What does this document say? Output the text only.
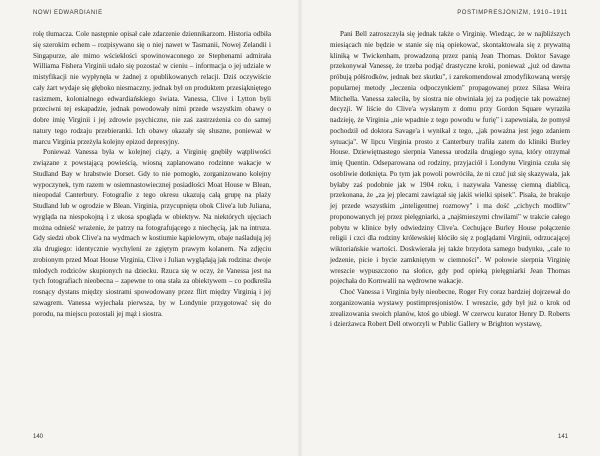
NOWI EDWARDIANIE

rolę tłumacza. Cole następnie opisał całe zdarzenie dziennikarzom. Historia odbiła się szerokim echem – rozpisywano się o niej nawet w Tasmanii, Nowej Zelandii i Singapurze, ale mimo wściekłości spowinowaconego ze Stephenami admirała Williama Fishera Virginii udało się pozostać w cieniu – informacja o jej udziale w mistyfikacji nie wypłynęła w żadnej z opublikowanych relacji. Dziś oczywiście cały żart wydaje się głęboko niesmaczny, jednak był on produktem przesiąkniętego rasizmem, kolonialnego edwardiańskiego świata. Vanessa, Clive i Lytton byli przeciwni tej eskapadzie, jednak powodowały nimi przede wszystkim obawy o dobre imię Virginii i jej zdrowie psychiczne, nie zaś zastrzeżenia co do samej natury tego rodzaju przebieranki. Ich obawy okazały się słuszne, ponieważ w marcu Virginia przeżyła kolejny epizod depresyjny.

Ponieważ Vanessa była w kolejnej ciąży, a Virginię gnębiły wątpliwości związane z powstającą powieścią, wiosną zaplanowano rodzinne wakacje w Studland Bay w hrabstwie Dorset. Gdy to nie pomogło, zorganizowano kolejny wypoczynek, tym razem w osiemnastowiecznej posiadłości Moat House w Blean, nieopodal Canterbury. Fotografie z tego okresu ukazują całą grupę na plaży Studland lub w ogrodzie w Blean. Virginia, przycupnięta obok Clive'a lub Juliana, wygląda na niespokojną i z ukosa spogląda w obiektyw. Na niektórych ujęciach można odnieść wrażenie, że patrzy na fotografującego z niechęcią, jak na intruza. Gdy siedzi obok Clive'a na wydmach w kostiumie kąpielowym, obaje naśladują jej zła drugiego: identycznie wychyleni ze zgiętym prawym kolanem. Na zdjęciu zrobionym przed Moat House Virginia, Clive i Julian wyglądają jak rodzina: dwoje młodych rodziców skupionych na dziecku. Rzuca się w oczy, że Vanessa jest na tych fotografiach nieobecna – zapewne to ona stała za obiektywem – co podkreśla rosnący dystans między siostrami spowodowany przez flirt między Virginią i jej szwagrem. Vanessa wyjechała pierwsza, by w Londynie przygotować się do porodu, na miejscu pozostali jej mąż i siostra.

140
POSTIMPRESJONIZM, 1910–1911

Pani Bell zatroszczyła się jednak także o Virginię. Wiedząc, że w najbliższych miesiącach nie będzie w stanie się nią opiekować, skontaktowała się z prywatną kliniką w Twickenham, prowadzoną przez panią Jean Thomas. Doktor Savage przekonywał Vanessę, że trzeba podjąć drastyczne kroki, ponieważ „już od dawna próbują półśrodków, jednak bez skutku", i zarekomendował zmodyfikowaną wersję popularnej metody „leczenia odpoczynkiem" propagowanej przez Silasa Weira Mitchella. Vanessa zaleciła, by siostra nie obwiniała jej za podjęcie tak poważnej decyzji. W liście do Clive'a wysłanym z domu przy Gordon Square wyraziła nadzieję, że Virginia „nie wpadnie z tego powodu w furię" i zapewniała, że pomysł pochodził od doktora Savage'a i wynikał z tego, „jak poważna jest jego zdaniem sytuacja". W lipcu Virginia prosto z Canterbury trafiła zatem do kliniki Burley House. Dziewiętnastego sierpnia Vanessa urodziła drugiego syna, który otrzymał imię Quentin. Odseparowana od rodziny, przyjaciół i Londynu Virginia czuła się osobliwie dotknięta. Po tym jak powoli powróciła, że ni czuć już się skazywała, jak byłaby zaś podobnie jak w 1904 roku, i nazywała Vanessę ciemną diablicą, przekonana, że „za jej plecami zawiązał się jakiś wielki spisek". Pisała, że brakuje jej przede wszystkim „inteligentnej rozmowy" i ma dość „cichych modlitw" proponowanych jej przez pielęgniarki, a „najśmieszymi chwilami" w trakcie całego pobytu w klinice były odwiedziny Clive'a. Cechujące Burley House połączenie religii i czci dla rodziny królewskiej kłóciło się z poglądami Virginii, odrzucającej wiktoriańskie wartości. Doskwierała jej także brzydota samego budynku, „cale to jedzenie, picie i bycie zamkniętym w ciemności". W połowie sierpnia Virginię wreszcie wypuszczono na słońce, gdy pod opieką pielęgniarki Jean Thomas pojechała do Kornwalii na wędrowne wakacje.

Choć Vanessa i Virginia były nieobecne, Roger Fry coraz bardziej dojrzewał do zorganizowania wystawy postimpresjonistów. I wreszcie, gdy był już o krok od zrealizowania swoich planów, ktoś go ubiegł. W czerwcu kurator Henry D. Roberts i dzierżawca Robert Dell otworzyli w Public Gallery w Brighton wystawę,

141
